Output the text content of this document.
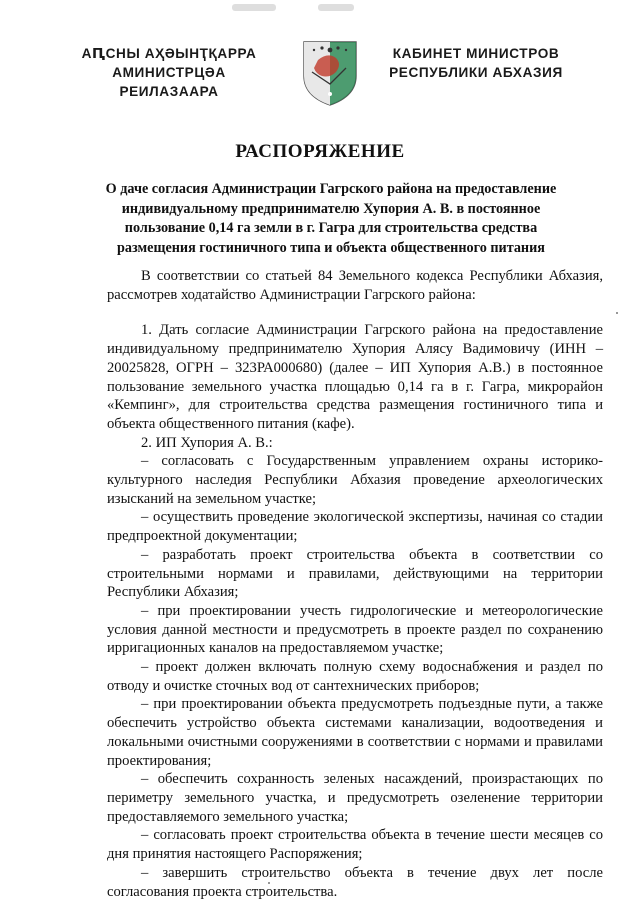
АԤСНЫ АҲӘЫНҬҚАРРА
АМИНИСТРЦӘА РЕИЛАЗААРА
КАБИНЕТ МИНИСТРОВ
РЕСПУБЛИКИ АБХАЗИЯ
РАСПОРЯЖЕНИЕ
О даче согласия Администрации Гагрского района на предоставление индивидуальному предпринимателю Хупория А. В. в постоянное пользование 0,14 га земли в г. Гагра для строительства средства размещения гостиничного типа и объекта общественного питания

В соответствии со статьей 84 Земельного кодекса Республики Абхазия, рассмотрев ходатайство Администрации Гагрского района:

1. Дать согласие Администрации Гагрского района на предоставление индивидуальному предпринимателю Хупория Алясу Вадимовичу (ИНН – 20025828, ОГРН – 323РА000680) (далее – ИП Хупория А.В.) в постоянное пользование земельного участка площадью 0,14 га в г. Гагра, микрорайон «Кемпинг», для строительства средства размещения гостиничного типа и объекта общественного питания (кафе).

2. ИП Хупория А. В.:

– согласовать с Государственным управлением охраны историко-культурного наследия Республики Абхазия проведение археологических изысканий на земельном участке;

– осуществить проведение экологической экспертизы, начиная со стадии предпроектной документации;

– разработать проект строительства объекта в соответствии со строительными нормами и правилами, действующими на территории Республики Абхазия;

– при проектировании учесть гидрологические и метеорологические условия данной местности и предусмотреть в проекте раздел по сохранению ирригационных каналов на предоставляемом участке;

– проект должен включать полную схему водоснабжения и раздел по отводу и очистке сточных вод от сантехнических приборов;

– при проектировании объекта предусмотреть подъездные пути, а также обеспечить устройство объекта системами канализации, водоотведения и локальными очистными сооружениями в соответствии с нормами и правилами проектирования;

– обеспечить сохранность зеленых насаждений, произрастающих по периметру земельного участка, и предусмотреть озеленение территории предоставляемого земельного участка;

– согласовать проект строительства объекта в течение шести месяцев со дня принятия настоящего Распоряжения;

– завершить строительство объекта в течение двух лет после согласования проекта строительства.
